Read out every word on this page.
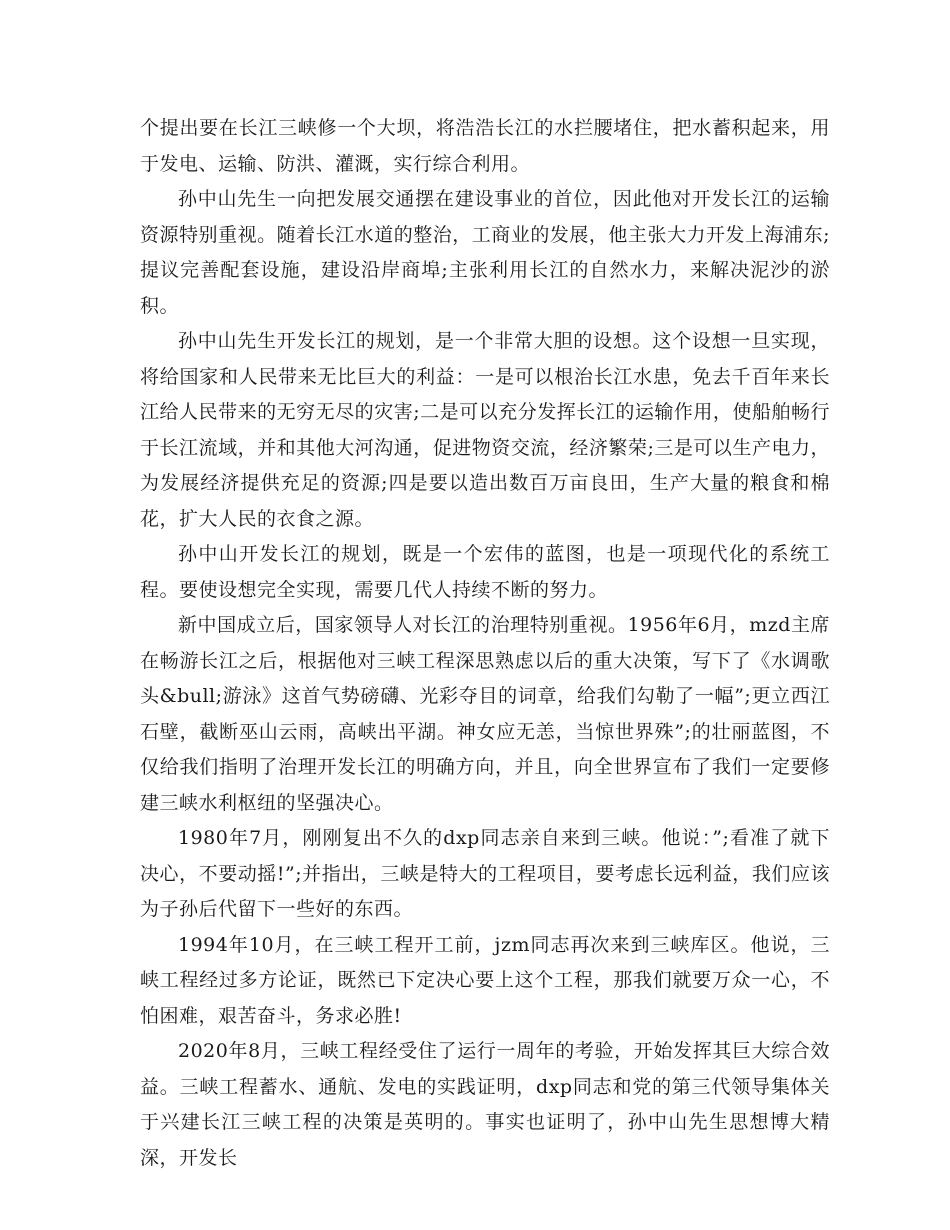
个提出要在长江三峡修一个大坝，将浩浩长江的水拦腰堵住，把水蓄积起来，用于发电、运输、防洪、灌溉，实行综合利用。

孙中山先生一向把发展交通摆在建设事业的首位，因此他对开发长江的运输资源特别重视。随着长江水道的整治，工商业的发展，他主张大力开发上海浦东;提议完善配套设施，建设沿岸商埠;主张利用长江的自然水力，来解决泥沙的淤积。

孙中山先生开发长江的规划，是一个非常大胆的设想。这个设想一旦实现，将给国家和人民带来无比巨大的利益：一是可以根治长江水患，免去千百年来长江给人民带来的无穷无尽的灾害;二是可以充分发挥长江的运输作用，使船舶畅行于长江流域，并和其他大河沟通，促进物资交流，经济繁荣;三是可以生产电力，为发展经济提供充足的资源;四是要以造出数百万亩良田，生产大量的粮食和棉花，扩大人民的衣食之源。

孙中山开发长江的规划，既是一个宏伟的蓝图，也是一项现代化的系统工程。要使设想完全实现，需要几代人持续不断的努力。

新中国成立后，国家领导人对长江的治理特别重视。1956年6月，mzd主席在畅游长江之后，根据他对三峡工程深思熟虑以后的重大决策，写下了《水调歌头&bull;游泳》这首气势磅礴、光彩夺目的词章，给我们勾勒了一幅”;更立西江石壁，截断巫山云雨，高峡出平湖。神女应无恙，当惊世界殊”;的壮丽蓝图，不仅给我们指明了治理开发长江的明确方向，并且，向全世界宣布了我们一定要修建三峡水利枢纽的坚强决心。

1980年7月，刚刚复出不久的dxp同志亲自来到三峡。他说：”;看准了就下决心，不要动摇!”;并指出，三峡是特大的工程项目，要考虑长远利益，我们应该为子孙后代留下一些好的东西。

1994年10月，在三峡工程开工前，jzm同志再次来到三峡库区。他说，三峡工程经过多方论证，既然已下定决心要上这个工程，那我们就要万众一心，不怕困难，艰苦奋斗，务求必胜!

2020年8月，三峡工程经受住了运行一周年的考验，开始发挥其巨大综合效益。三峡工程蓄水、通航、发电的实践证明，dxp同志和党的第三代领导集体关于兴建长江三峡工程的决策是英明的。事实也证明了，孙中山先生思想博大精深，开发长
